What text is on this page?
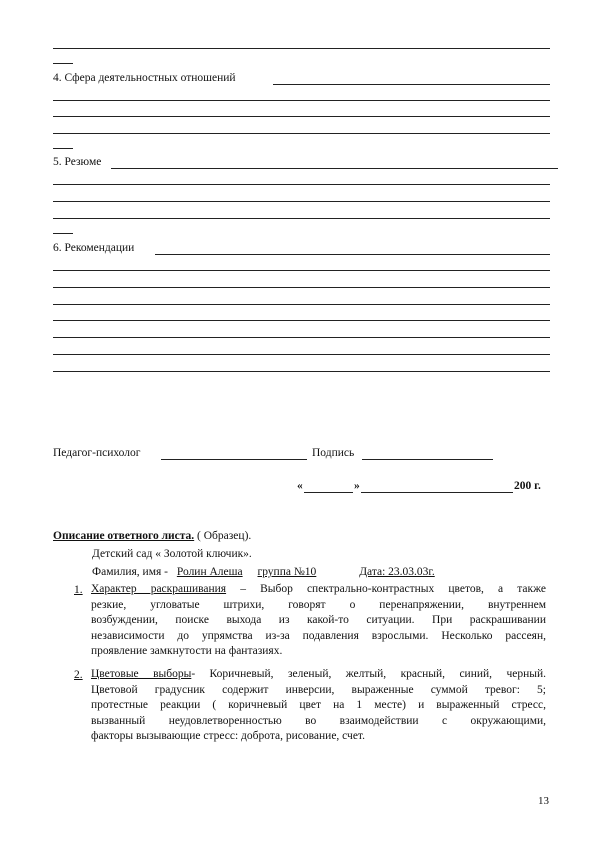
4. Сфера деятельностных отношений
5. Резюме
6. Рекомендации
Педагог-психолог	Подпись
«	»	200 г.
Описание ответного листа. ( Образец).
Детский сад « Золотой ключик».
Фамилия, имя - Ролин Алеша группа №10	Дата: 23.03.03г.
1. Характер раскрашивания – Выбор спектрально-контрастных цветов, а также
резкие, угловатые штрихи, говорят о перенапряжении, внутреннем
возбуждении, поиске выхода из какой-то ситуации. При раскрашивании
независимости до упрямства из-за подавления взрослыми. Несколько рассеян,
проявление замкнутости на фантазиях.
2. Цветовые выборы- Коричневый, зеленый, желтый, красный, синий, черный.
Цветовой градусник содержит инверсии, выраженные суммой тревог: 5;
протестные реакции ( коричневый цвет на 1 месте) и выраженный стресс,
вызванный неудовлетворенностью во взаимодействии с окружающими,
факторы вызывающие стресс: доброта, рисование, счет.
13
